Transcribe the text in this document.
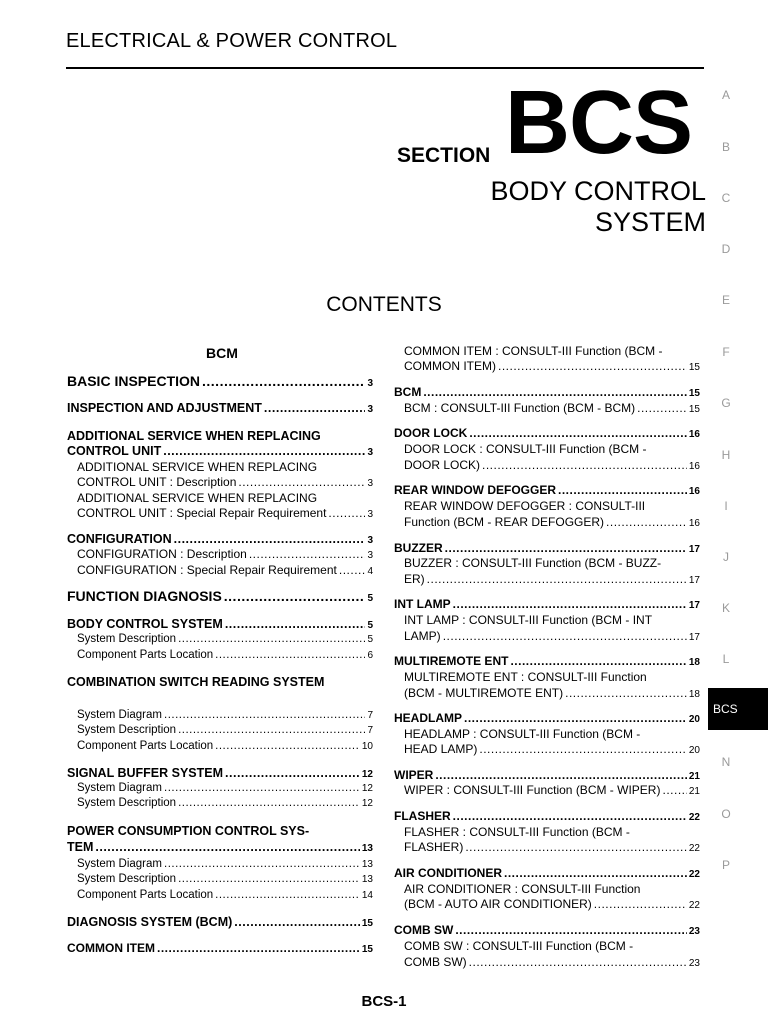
ELECTRICAL & POWER CONTROL
SECTION BCS
BODY CONTROL SYSTEM
CONTENTS
BCM
BASIC INSPECTION .....	3
INSPECTION AND ADJUSTMENT .....	3
ADDITIONAL SERVICE WHEN REPLACING
CONTROL UNIT .....	3
ADDITIONAL SERVICE WHEN REPLACING
CONTROL UNIT : Description .....	3
ADDITIONAL SERVICE WHEN REPLACING
CONTROL UNIT : Special Repair Requirement .....	3
CONFIGURATION .....	3
CONFIGURATION : Description .....	3
CONFIGURATION : Special Repair Requirement .....	4
FUNCTION DIAGNOSIS .....	5
BODY CONTROL SYSTEM .....	5
System Description .....	5
Component Parts Location .....	6
COMBINATION SWITCH READING SYSTEM
System Diagram .....	7
System Description .....	7
Component Parts Location .....	10
SIGNAL BUFFER SYSTEM .....	12
System Diagram .....	12
System Description .....	12
POWER CONSUMPTION CONTROL SYS-
TEM .....	13
System Diagram .....	13
System Description .....	13
Component Parts Location .....	14
DIAGNOSIS SYSTEM (BCM) .....	15
COMMON ITEM .....	15
COMMON ITEM : CONSULT-III Function (BCM -
COMMON ITEM) .....	15
BCM .....	15
BCM : CONSULT-III Function (BCM - BCM) .....	15
DOOR LOCK .....	16
DOOR LOCK : CONSULT-III Function (BCM -
DOOR LOCK) .....	16
REAR WINDOW DEFOGGER .....	16
REAR WINDOW DEFOGGER : CONSULT-III
Function (BCM - REAR DEFOGGER) .....	16
BUZZER .....	17
BUZZER : CONSULT-III Function (BCM - BUZZ-
ER) .....	17
INT LAMP .....	17
INT LAMP : CONSULT-III Function (BCM - INT
LAMP) .....	17
MULTIREMOTE ENT .....	18
MULTIREMOTE ENT : CONSULT-III Function
(BCM - MULTIREMOTE ENT) .....	18
HEADLAMP .....	20
HEADLAMP : CONSULT-III Function (BCM -
HEAD LAMP) .....	20
WIPER .....	21
WIPER : CONSULT-III Function (BCM - WIPER) .....	21
FLASHER .....	22
FLASHER : CONSULT-III Function (BCM -
FLASHER) .....	22
AIR CONDITIONER .....	22
AIR CONDITIONER : CONSULT-III Function
(BCM - AUTO AIR CONDITIONER) .....	22
COMB SW .....	23
COMB SW : CONSULT-III Function (BCM -
COMB SW) .....	23
A
B
C
D
E
F
G
H
I
J
K
L
N
O
P
BCS
BCS-1
